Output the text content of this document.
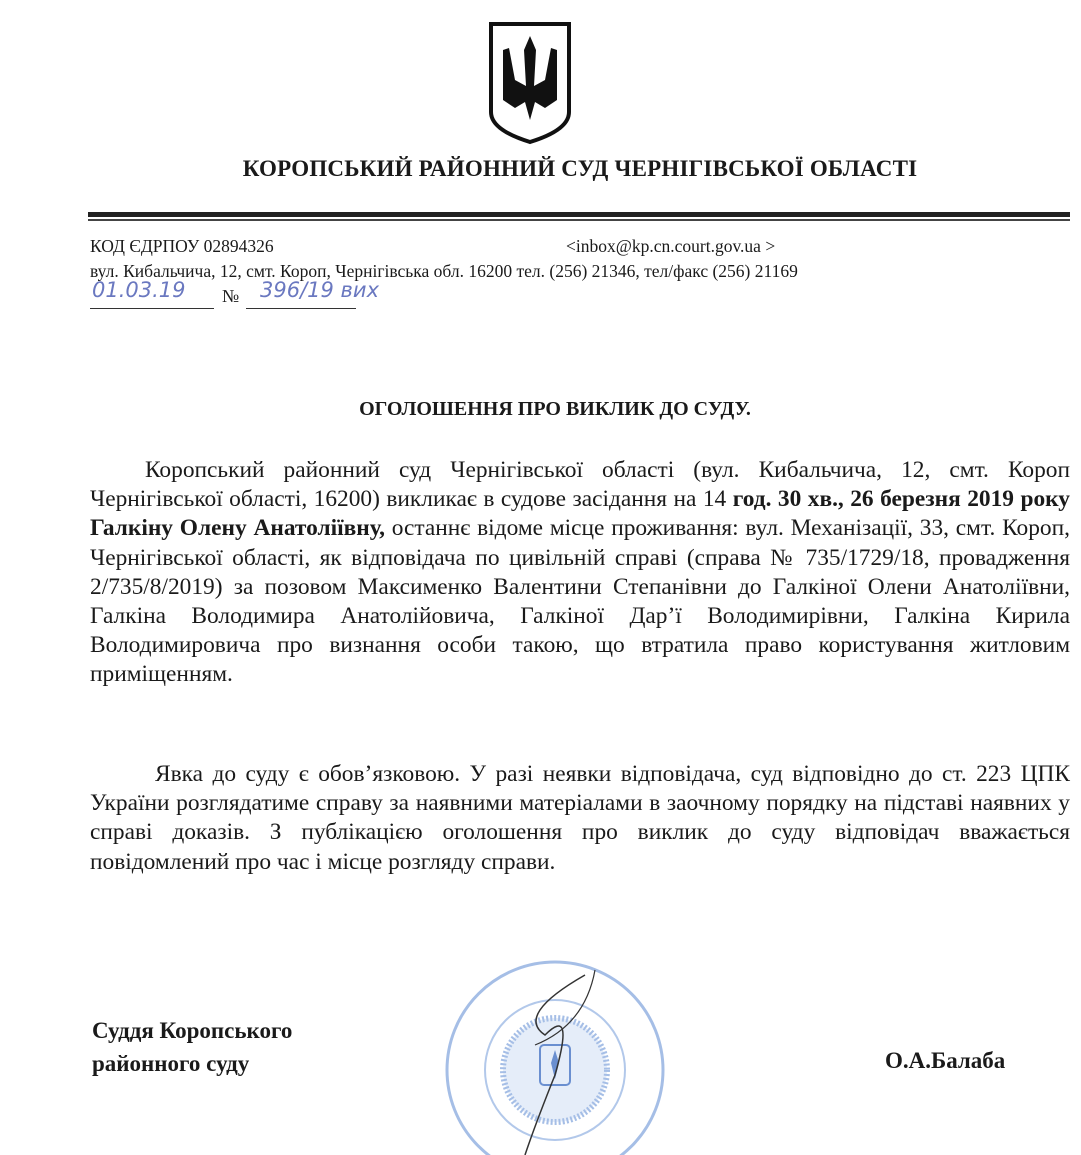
КОРОПСЬКИЙ РАЙОННИЙ СУД ЧЕРНІГІВСЬКОЇ ОБЛАСТІ
КОД ЄДРПОУ 02894326	<inbox@kp.cn.court.gov.ua >
вул. Кибальчича, 12, смт. Короп, Чернігівська обл. 16200 тел. (256) 21346, тел/факс (256) 21169
01.03.19 № 396/19 вих
ОГОЛОШЕННЯ ПРО ВИКЛИК ДО СУДУ.
Коропський районний суд Чернігівської області (вул. Кибальчича, 12, смт. Короп Чернігівської області, 16200) викликає в судове засідання на 14 год. 30 хв., 26 березня 2019 року Галкіну Олену Анатоліївну, останнє відоме місце проживання: вул. Механізації, 33, смт. Короп, Чернігівської області, як відповідача по цивільній справі (справа № 735/1729/18, провадження 2/735/8/2019) за позовом Максименко Валентини Степанівни до Галкіної Олени Анатоліївни, Галкіна Володимира Анатолійовича, Галкіної Дар’ї Володимирівни, Галкіна Кирила Володимировича про визнання особи такою, що втратила право користування житловим приміщенням.
Явка до суду є обов’язковою. У разі неявки відповідача, суд відповідно до ст. 223 ЦПК України розглядатиме справу за наявними матеріалами в заочному порядку на підставі наявних у справі доказів. З публікацією оголошення про виклик до суду відповідач вважається повідомлений про час і місце розгляду справи.
Суддя Коропського
районного суду	О.А.Балаба
